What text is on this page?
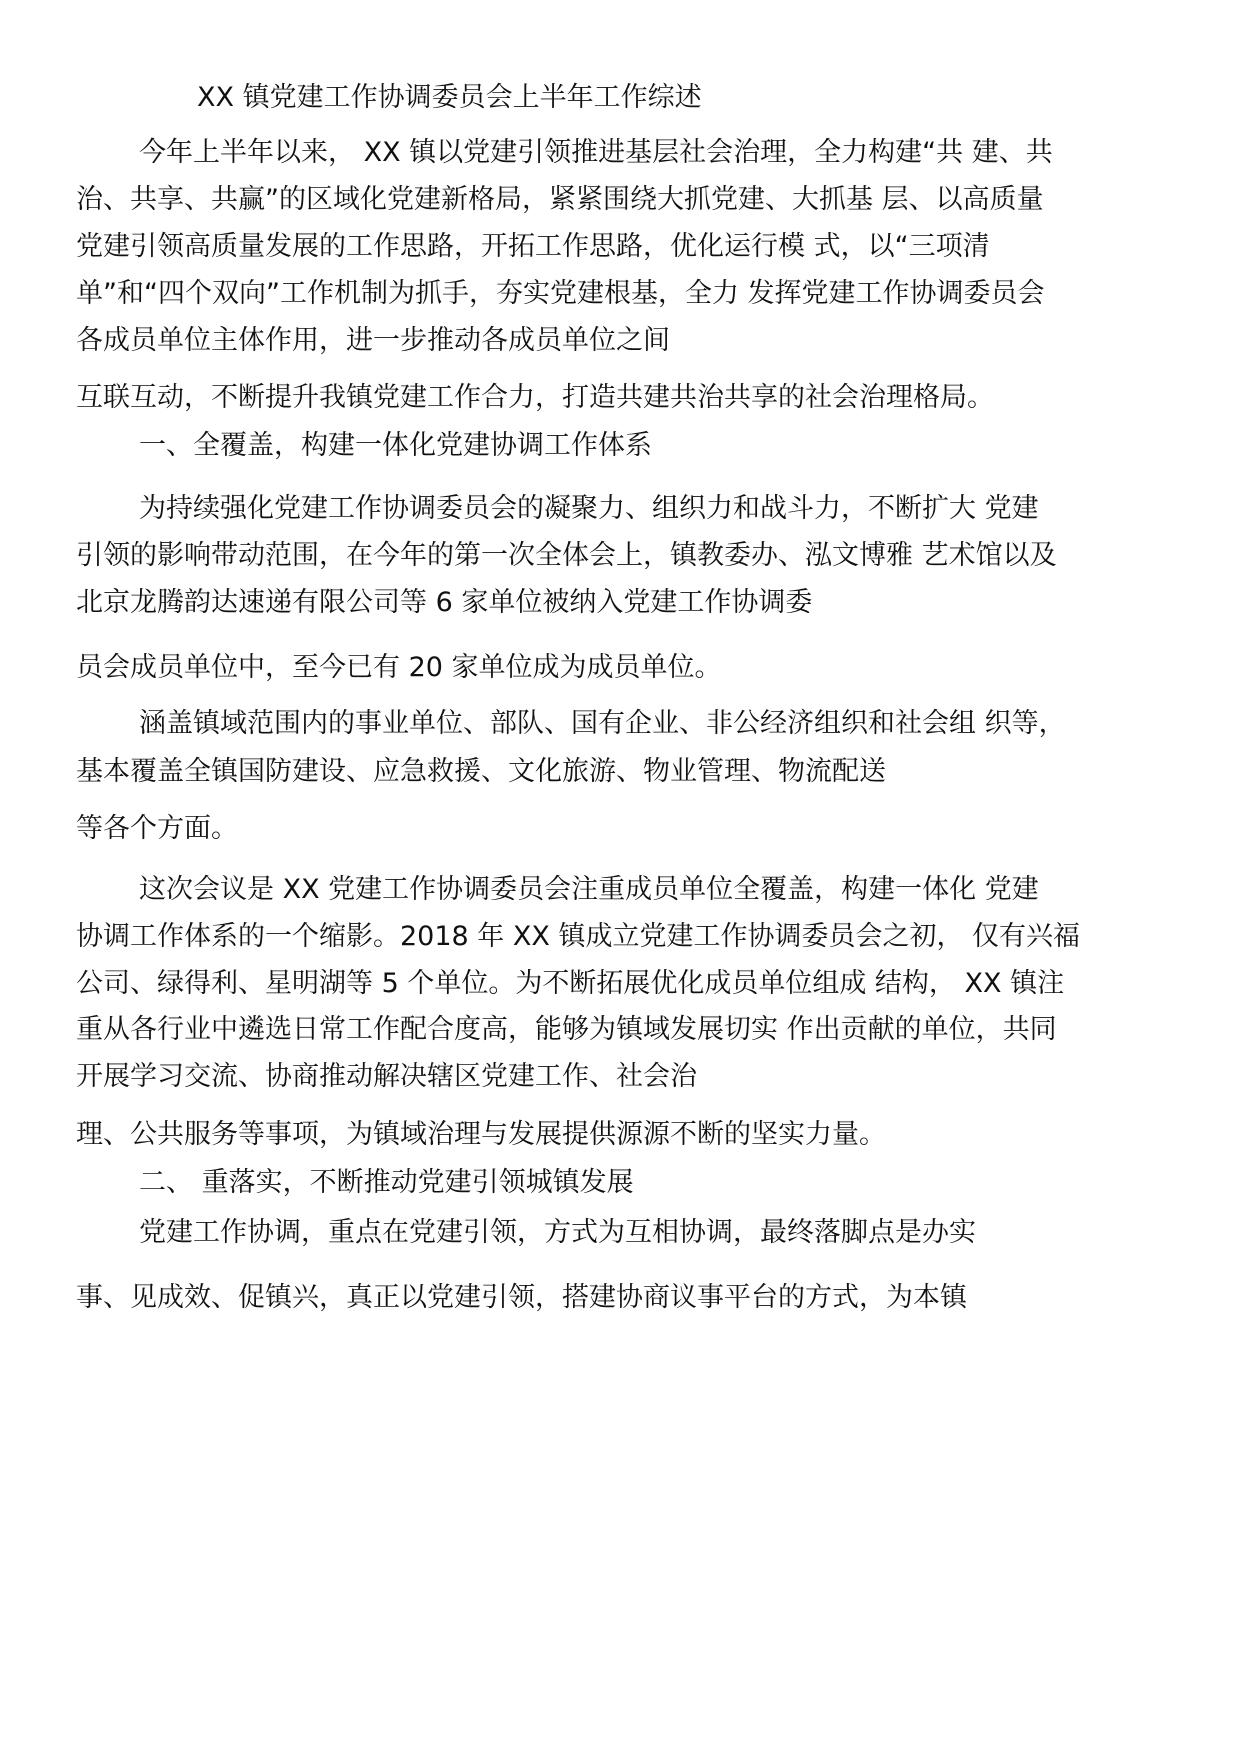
XX 镇党建工作协调委员会上半年工作综述

今年上半年以来， XX 镇以党建引领推进基层社会治理，全力构建“共 建、共

治、共享、共赢”的区域化党建新格局，紧紧围绕大抓党建、大抓基 层、以高质量

党建引领高质量发展的工作思路，开拓工作思路，优化运行模 式，以“三项清

单”和“四个双向”工作机制为抓手，夯实党建根基，全力 发挥党建工作协调委员会

各成员单位主体作用，进一步推动各成员单位之间

互联互动，不断提升我镇党建工作合力，打造共建共治共享的社会治理格局。

一、全覆盖，构建一体化党建协调工作体系

为持续强化党建工作协调委员会的凝聚力、组织力和战斗力，不断扩大 党建

引领的影响带动范围，在今年的第一次全体会上，镇教委办、泓文博雅 艺术馆以及

北京龙腾韵达速递有限公司等 6 家单位被纳入党建工作协调委

员会成员单位中，至今已有 20 家单位成为成员单位。

涵盖镇域范围内的事业单位、部队、国有企业、非公经济组织和社会组 织等，

基本覆盖全镇国防建设、应急救援、文化旅游、物业管理、物流配送

等各个方面。

这次会议是 XX 党建工作协调委员会注重成员单位全覆盖，构建一体化 党建

协调工作体系的一个缩影。2018 年 XX 镇成立党建工作协调委员会之初， 仅有兴福

公司、绿得利、星明湖等 5 个单位。为不断拓展优化成员单位组成 结构， XX 镇注

重从各行业中遴选日常工作配合度高，能够为镇域发展切实 作出贡献的单位，共同

开展学习交流、协商推动解决辖区党建工作、社会治

理、公共服务等事项，为镇域治理与发展提供源源不断的坚实力量。

二、 重落实，不断推动党建引领城镇发展

党建工作协调，重点在党建引领，方式为互相协调，最终落脚点是办实

事、见成效、促镇兴，真正以党建引领，搭建协商议事平台的方式，为本镇
